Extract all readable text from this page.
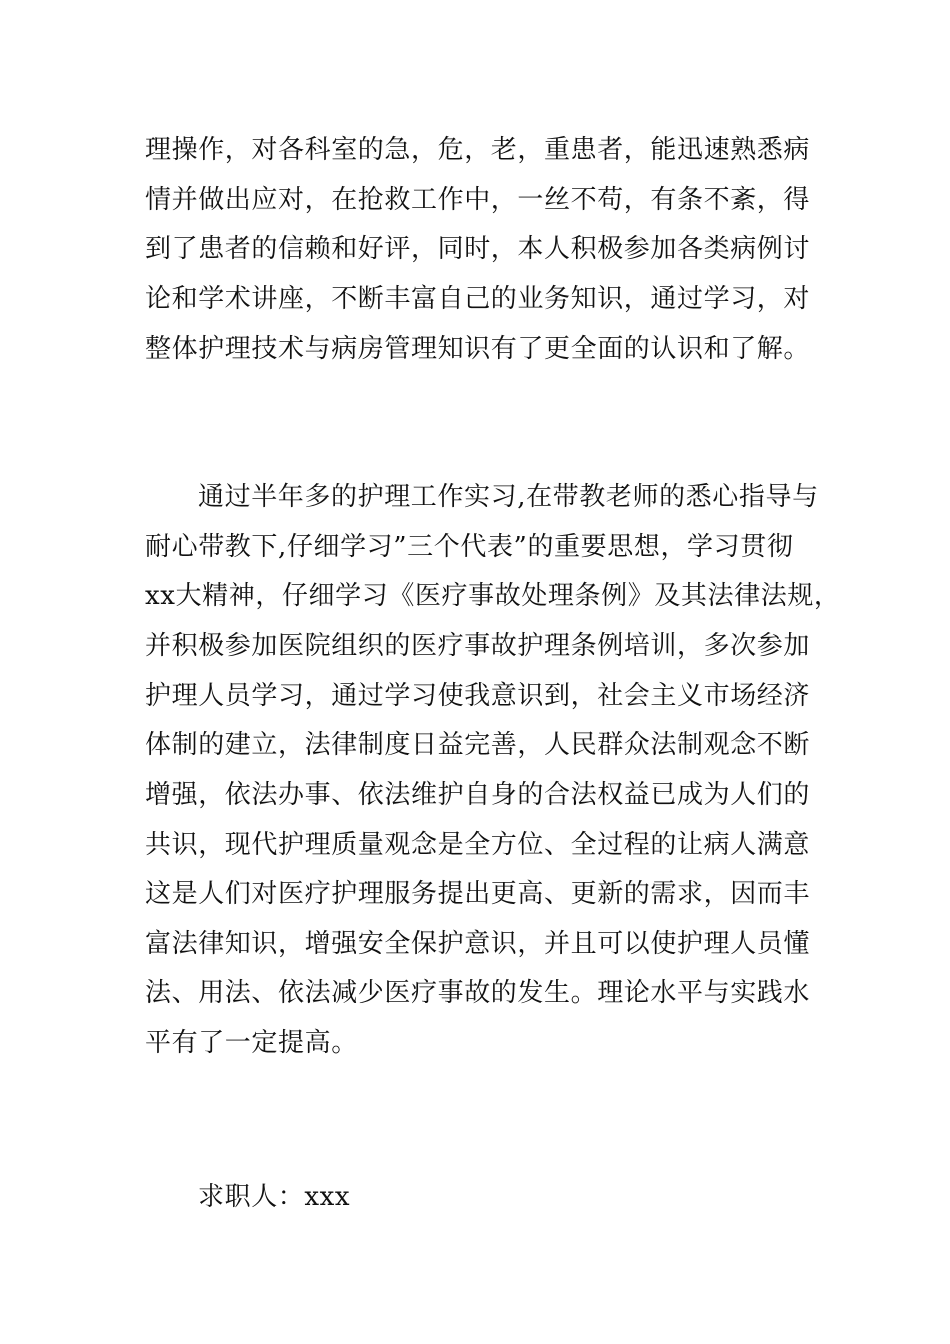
理操作，对各科室的急，危，老，重患者，能迅速熟悉病
情并做出应对，在抢救工作中，一丝不苟，有条不紊，得
到了患者的信赖和好评，同时，本人积极参加各类病例讨
论和学术讲座，不断丰富自己的业务知识，通过学习，对
整体护理技术与病房管理知识有了更全面的认识和了解。
通过半年多的护理工作实习,在带教老师的悉心指导与
耐心带教下,仔细学习”三个代表”的重要思想，学习贯彻
xx大精神，仔细学习《医疗事故处理条例》及其法律法规，
并积极参加医院组织的医疗事故护理条例培训，多次参加
护理人员学习，通过学习使我意识到，社会主义市场经济
体制的建立，法律制度日益完善，人民群众法制观念不断
增强，依法办事、依法维护自身的合法权益已成为人们的
共识，现代护理质量观念是全方位、全过程的让病人满意
这是人们对医疗护理服务提出更高、更新的需求，因而丰
富法律知识，增强安全保护意识，并且可以使护理人员懂
法、用法、依法减少医疗事故的发生。理论水平与实践水
平有了一定提高。
求职人：xxx
